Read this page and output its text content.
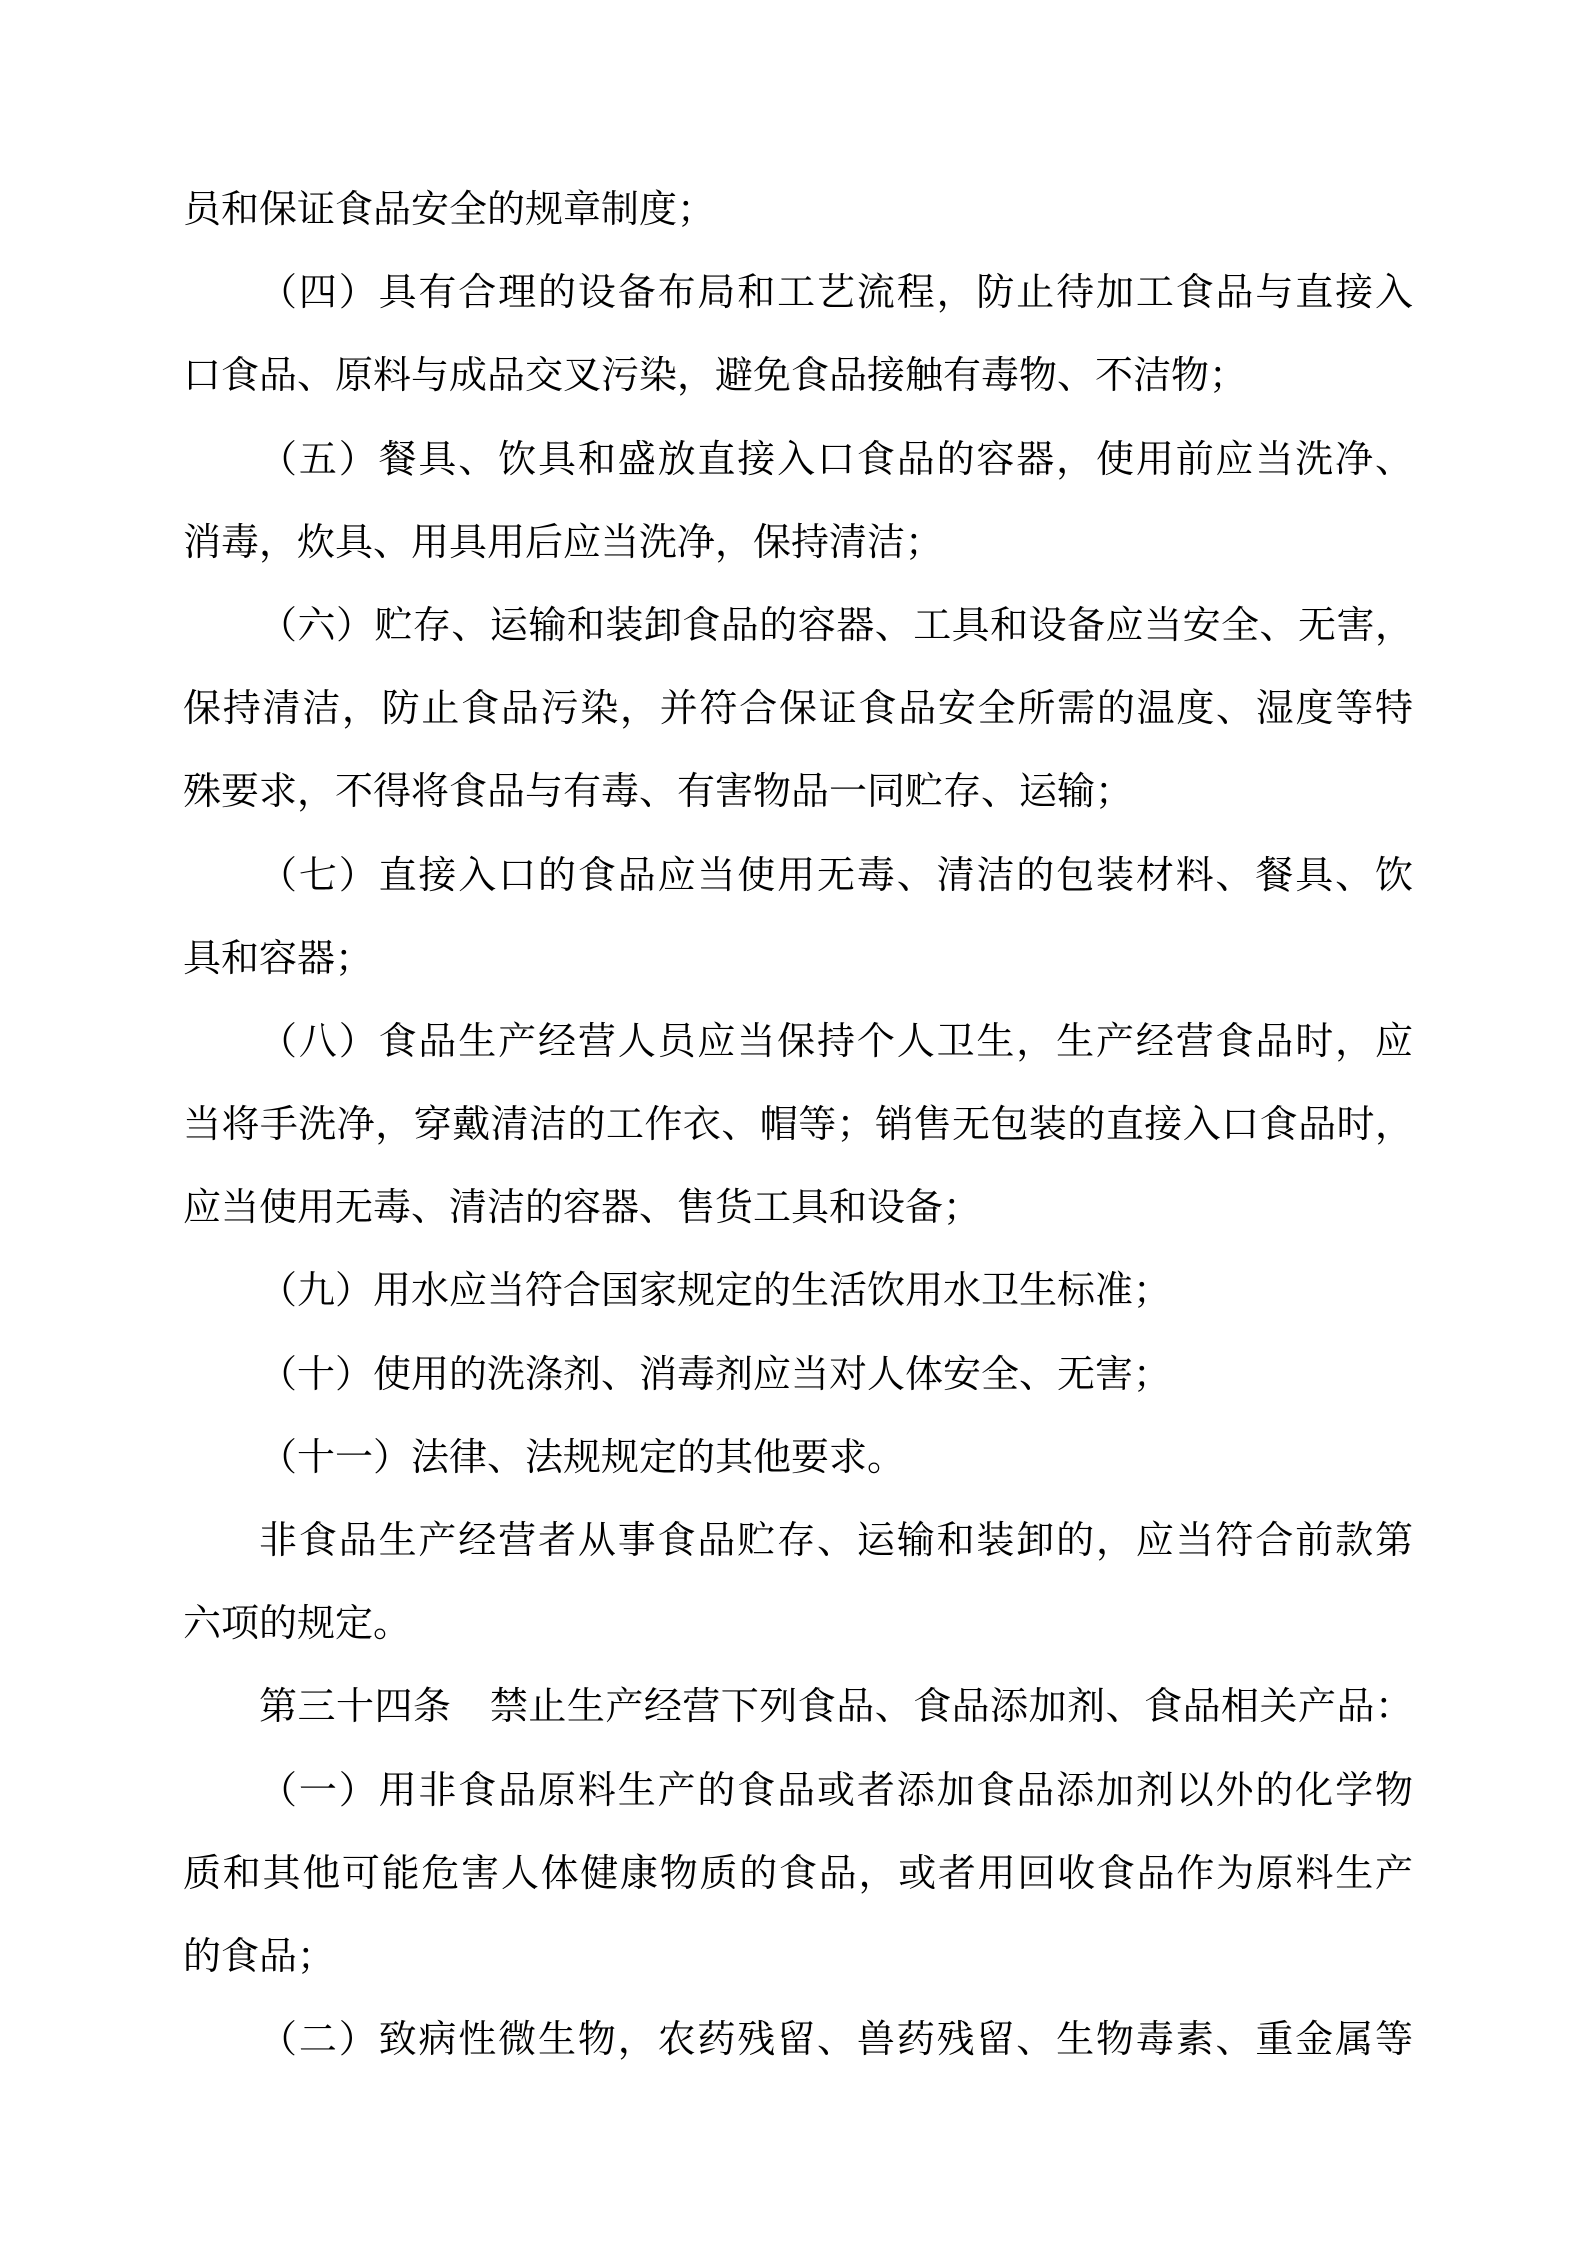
员和保证食品安全的规章制度；
（四）具有合理的设备布局和工艺流程，防止待加工食品与直接入
口食品、原料与成品交叉污染，避免食品接触有毒物、不洁物；
（五）餐具、饮具和盛放直接入口食品的容器，使用前应当洗净、
消毒，炊具、用具用后应当洗净，保持清洁；
（六）贮存、运输和装卸食品的容器、工具和设备应当安全、无害，
保持清洁，防止食品污染，并符合保证食品安全所需的温度、湿度等特
殊要求，不得将食品与有毒、有害物品一同贮存、运输；
（七）直接入口的食品应当使用无毒、清洁的包装材料、餐具、饮
具和容器；
（八）食品生产经营人员应当保持个人卫生，生产经营食品时，应
当将手洗净，穿戴清洁的工作衣、帽等；销售无包装的直接入口食品时，
应当使用无毒、清洁的容器、售货工具和设备；
（九）用水应当符合国家规定的生活饮用水卫生标准；
（十）使用的洗涤剂、消毒剂应当对人体安全、无害；
（十一）法律、法规规定的其他要求。
非食品生产经营者从事食品贮存、运输和装卸的，应当符合前款第
六项的规定。
第三十四条　禁止生产经营下列食品、食品添加剂、食品相关产品：
（一）用非食品原料生产的食品或者添加食品添加剂以外的化学物
质和其他可能危害人体健康物质的食品，或者用回收食品作为原料生产
的食品；
（二）致病性微生物，农药残留、兽药残留、生物毒素、重金属等
